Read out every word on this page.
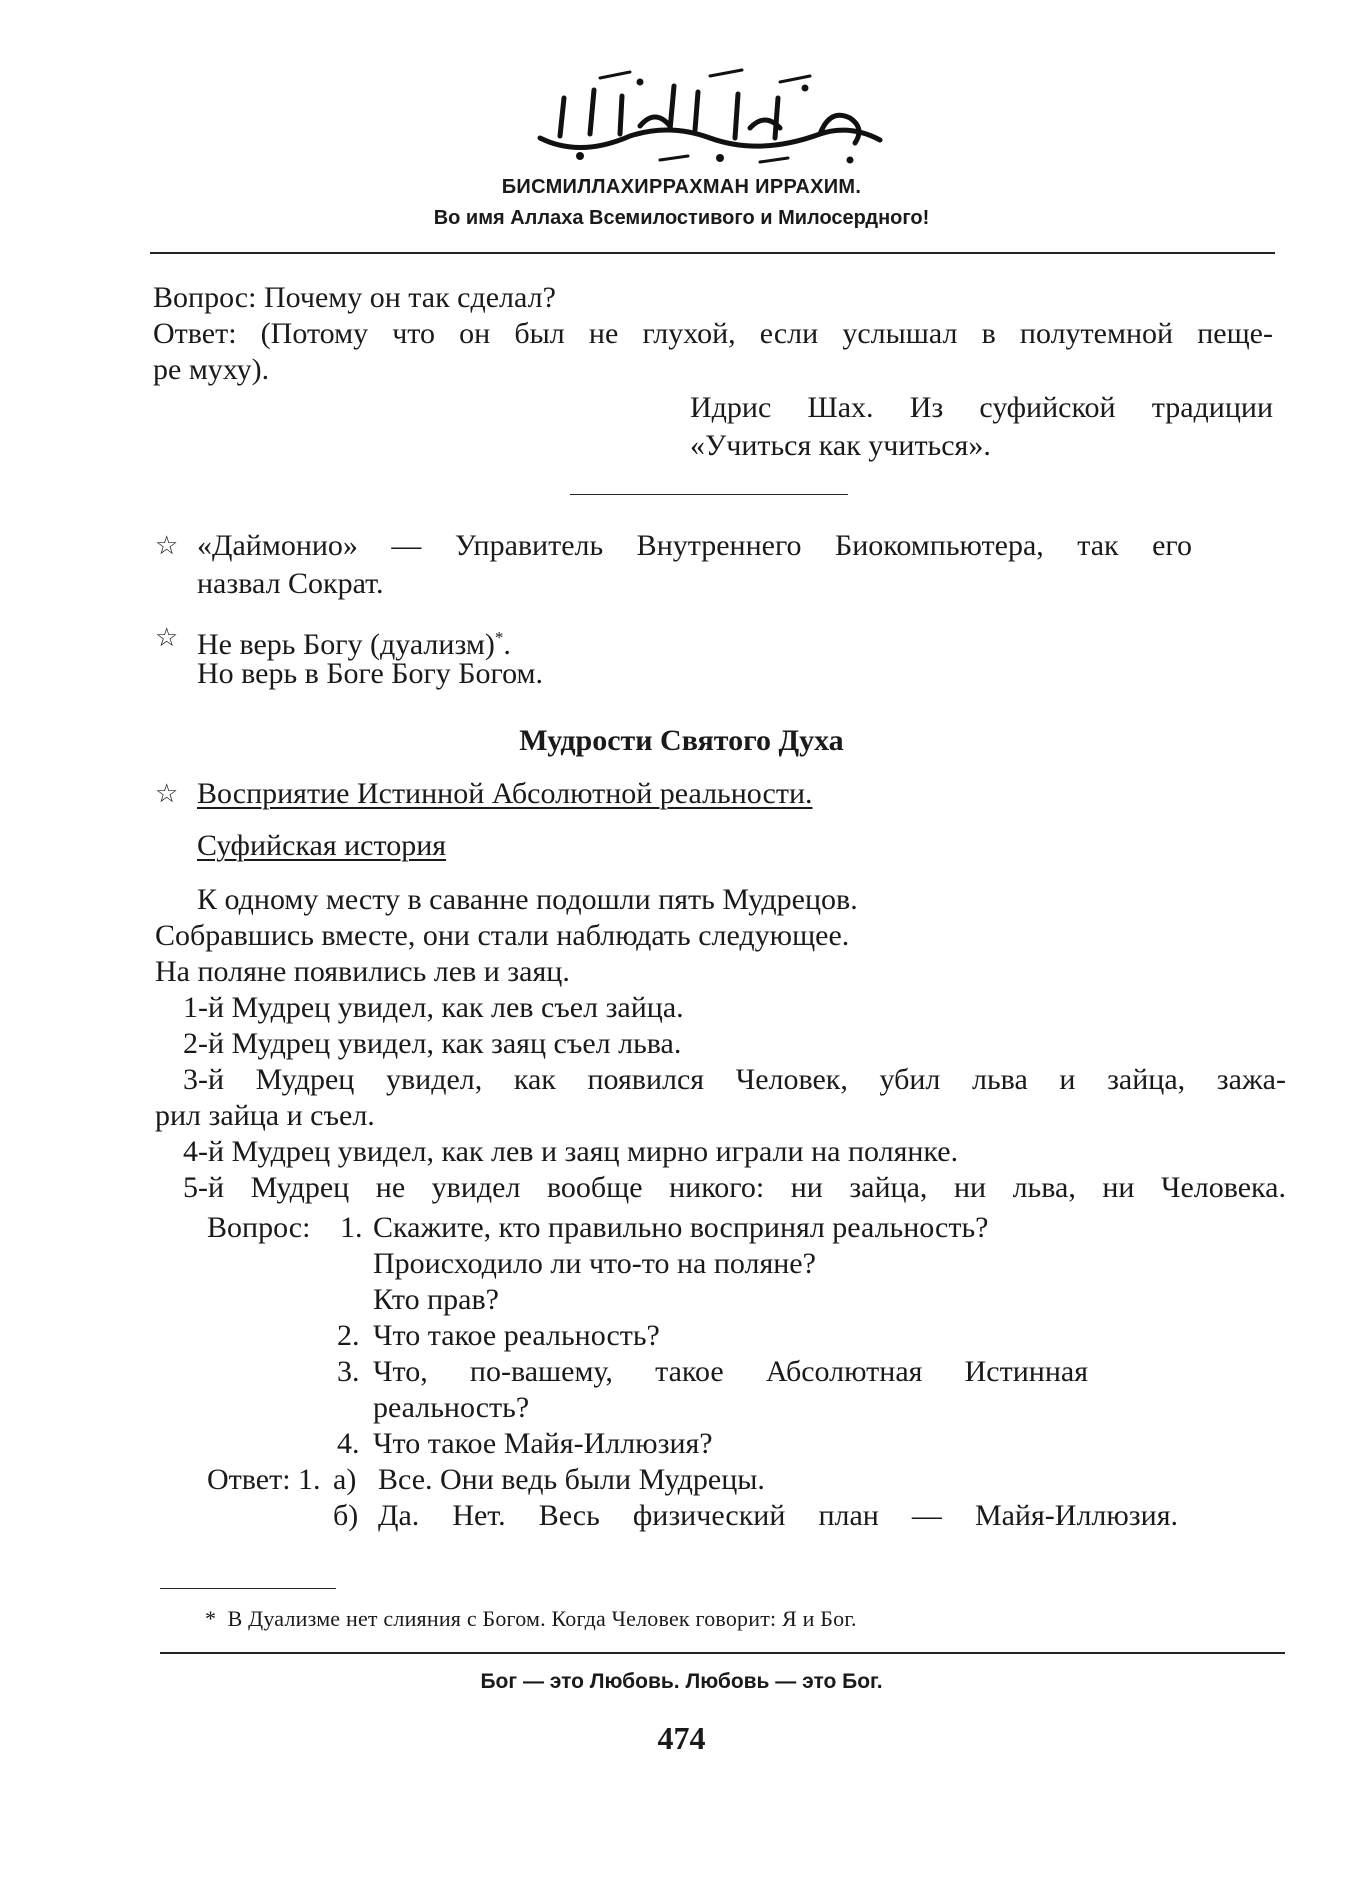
БИСМИЛЛАХИРРАХМАН ИРРАХИМ.
Во имя Аллаха Всемилостивого и Милосердного!
Вопрос: Почему он так сделал?
Ответ: (Потому что он был не глухой, если услышал в полутемной пеще-
ре муху).
Идрис Шах. Из суфийской традиции
«Учиться как учиться».
☆ «Даймонио» — Управитель Внутреннего Биокомпьютера, так его
назвал Сократ.
☆ Не верь Богу (дуализм)*.
Но верь в Боге Богу Богом.
Мудрости Святого Духа
☆ Восприятие Истинной Абсолютной реальности.
Суфийская история
К одному месту в саванне подошли пять Мудрецов.
Собравшись вместе, они стали наблюдать следующее.
На поляне появились лев и заяц.
1-й Мудрец увидел, как лев съел зайца.
2-й Мудрец увидел, как заяц съел льва.
3-й Мудрец увидел, как появился Человек, убил льва и зайца, зажа-
рил зайца и съел.
4-й Мудрец увидел, как лев и заяц мирно играли на полянке.
5-й Мудрец не увидел вообще никого: ни зайца, ни льва, ни Человека.
Вопрос: 1. Скажите, кто правильно воспринял реальность?
Происходило ли что-то на поляне?
Кто прав?
2. Что такое реальность?
3. Что, по-вашему, такое Абсолютная Истинная
реальность?
4. Что такое Майя-Иллюзия?
Ответ: 1. а) Все. Они ведь были Мудрецы.
б) Да. Нет. Весь физический план — Майя-Иллюзия.
* В Дуализме нет слияния с Богом. Когда Человек говорит: Я и Бог.
Бог — это Любовь. Любовь — это Бог.
474
